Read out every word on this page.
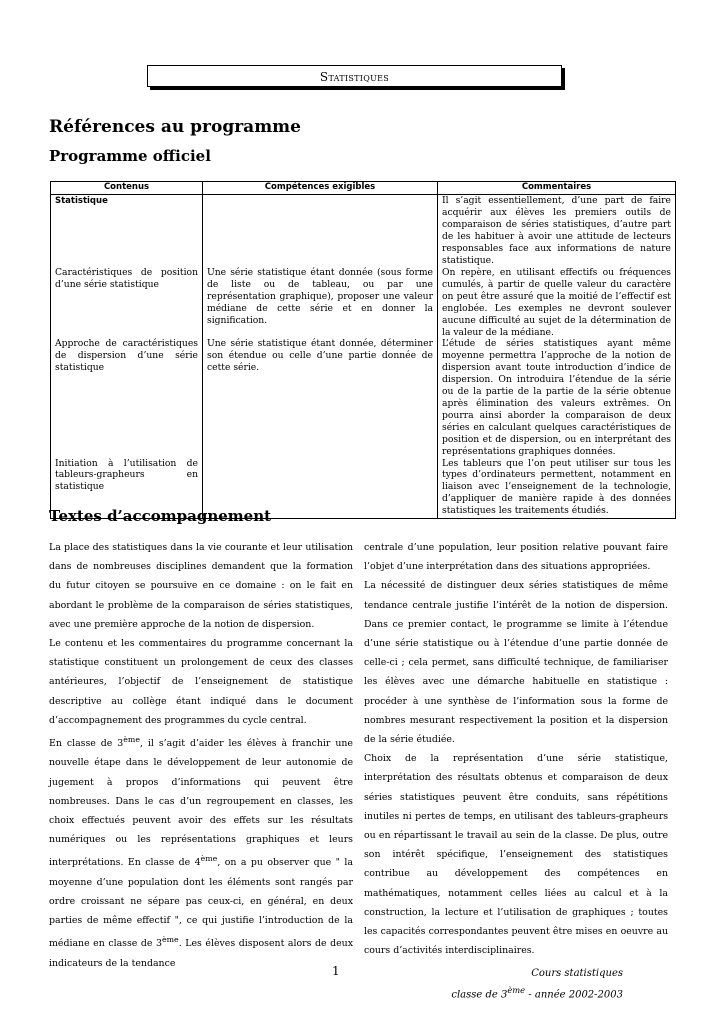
Statistiques
Références au programme
Programme officiel
Contenus	Compétences exigibles	Commentaires
Statistique		Il s’agit essentiellement, d’une part de faire acquérir aux élèves les premiers outils de comparaison de séries statistiques, d’autre part de les habituer à avoir une attitude de lecteurs responsables face aux informations de nature statistique.
Caractéristiques de position d’une série statistique	Une série statistique étant donnée (sous forme de liste ou de tableau, ou par une représentation graphique), proposer une valeur médiane de cette série et en donner la signification.	On repère, en utilisant effectifs ou fréquences cumulés, à partir de quelle valeur du caractère on peut être assuré que la moitié de l’effectif est englobée. Les exemples ne devront soulever aucune difficulté au sujet de la détermination de la valeur de la médiane.
Approche de caractéristiques de dispersion d’une série statistique	Une série statistique étant donnée, déterminer son étendue ou celle d’une partie donnée de cette série.	L’étude de séries statistiques ayant même moyenne permettra l’approche de la notion de dispersion avant toute introduction d’indice de dispersion. On introduira l’étendue de la série ou de la partie de la partie de la série obtenue après élimination des valeurs extrêmes. On pourra ainsi aborder la comparaison de deux séries en calculant quelques caractéristiques de position et de dispersion, ou en interprétant des représentations graphiques données.
Initiation à l’utilisation de tableurs-grapheurs en statistique		Les tableurs que l’on peut utiliser sur tous les types d’ordinateurs permettent, notamment en liaison avec l’enseignement de la technologie, d’appliquer de manière rapide à des données statistiques les traitements étudiés.
Textes d’accompagnement

La place des statistiques dans la vie courante et leur utilisation dans de nombreuses disciplines demandent que la formation du futur citoyen se poursuive en ce domaine : on le fait en abordant le problème de la comparaison de séries statistiques, avec une première approche de la notion de dispersion.

Le contenu et les commentaires du programme concernant la statistique constituent un prolongement de ceux des classes antérieures, l’objectif de l’enseignement de statistique descriptive au collège étant indiqué dans le document d’accompagnement des programmes du cycle central.

En classe de 3ème, il s’agit d’aider les élèves à franchir une nouvelle étape dans le développement de leur autonomie de jugement à propos d’informations qui peuvent être nombreuses. Dans le cas d’un regroupement en classes, les choix effectués peuvent avoir des effets sur les résultats numériques ou les représentations graphiques et leurs interprétations. En classe de 4ème, on a pu observer que " la moyenne d’une population dont les éléments sont rangés par ordre croissant ne sépare pas ceux-ci, en général, en deux parties de même effectif ", ce qui justifie l’introduction de la médiane en classe de 3ème. Les élèves disposent alors de deux indicateurs de la tendance

centrale d’une population, leur position relative pouvant faire l’objet d’une interprétation dans des situations appropriées.

La nécessité de distinguer deux séries statistiques de même tendance centrale justifie l’intérêt de la notion de dispersion. Dans ce premier contact, le programme se limite à l’étendue d’une série statistique ou à l’étendue d’une partie donnée de celle-ci ; cela permet, sans difficulté technique, de familiariser les élèves avec une démarche habituelle en statistique : procéder à une synthèse de l’information sous la forme de nombres mesurant respectivement la position et la dispersion de la série étudiée.

Choix de la représentation d’une série statistique, interprétation des résultats obtenus et comparaison de deux séries statistiques peuvent être conduits, sans répétitions inutiles ni pertes de temps, en utilisant des tableurs-grapheurs ou en répartissant le travail au sein de la classe. De plus, outre son intérêt spécifique, l’enseignement des statistiques contribue au développement des compétences en mathématiques, notamment celles liées au calcul et à la construction, la lecture et l’utilisation de graphiques ; toutes les capacités correspondantes peuvent être mises en oeuvre au cours d’activités interdisciplinaires.

1	Cours statistiques
classe de 3ème - année 2002-2003
